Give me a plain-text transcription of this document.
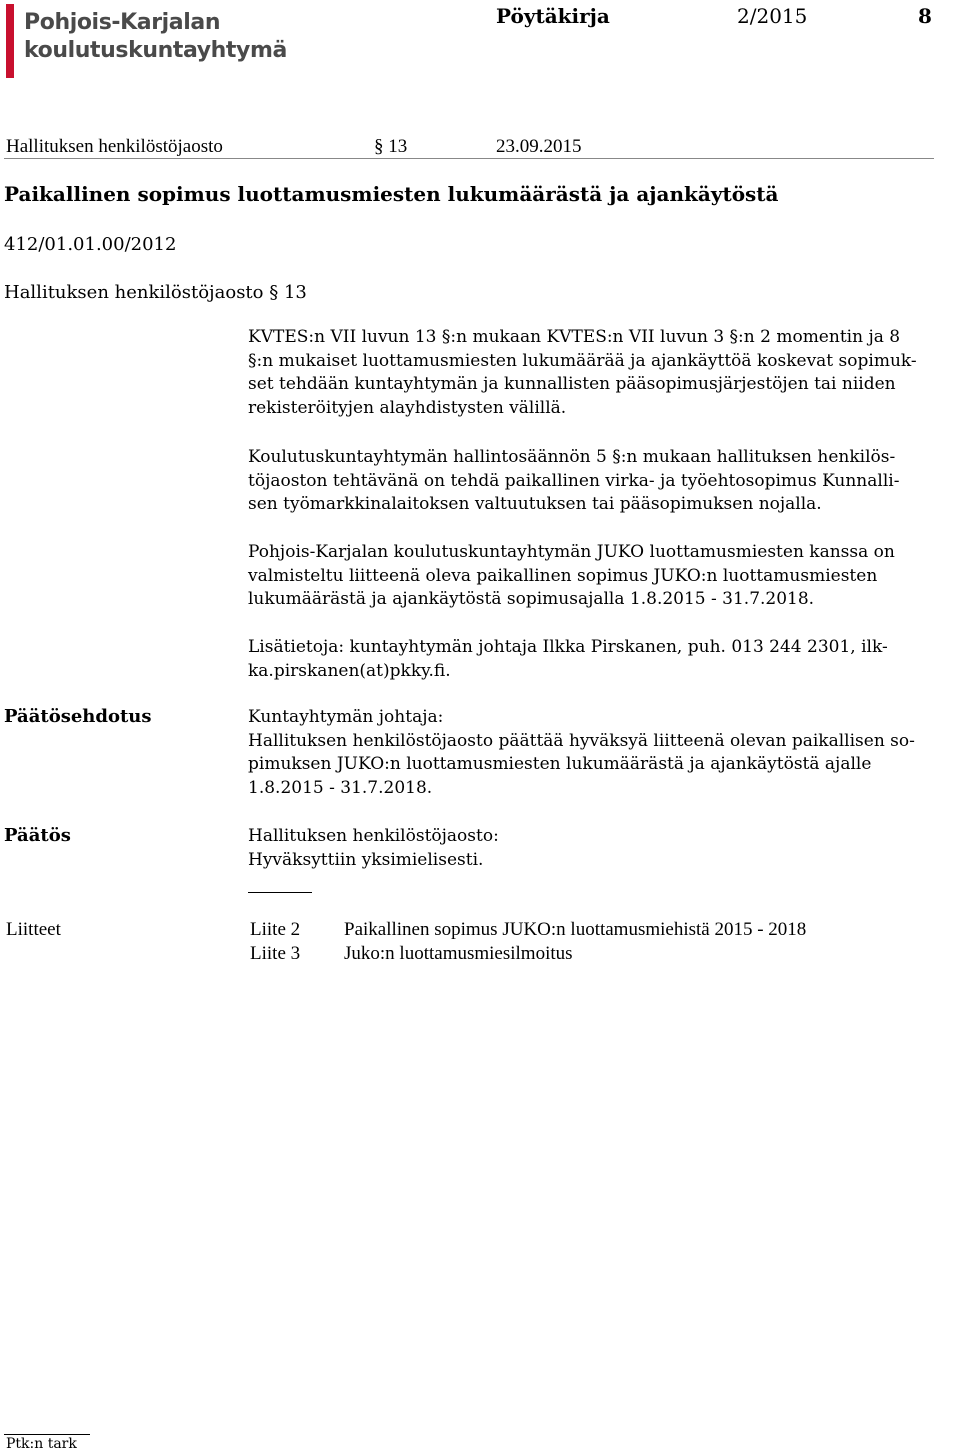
Pohjois-Karjalan
koulutuskuntayhtymä
Pöytäkirja	2/2015	8
Hallituksen henkilöstöjaosto	§ 13	23.09.2015
Paikallinen sopimus luottamusmiesten lukumäärästä ja ajankäytöstä
412/01.01.00/2012
Hallituksen henkilöstöjaosto § 13
KVTES:n VII luvun 13 §:n mukaan KVTES:n VII luvun 3 §:n 2 momentin ja 8
§:n mukaiset luottamusmiesten lukumäärää ja ajankäyttöä koskevat sopimuk-
set tehdään kuntayhtymän ja kunnallisten pääsopimusjärjestöjen tai niiden
rekisteröityjen alayhdistysten välillä.
Koulutuskuntayhtymän hallintosäännön 5 §:n mukaan hallituksen henkilös-
töjaoston tehtävänä on tehdä paikallinen virka- ja työehtosopimus Kunnalli-
sen työmarkkinalaitoksen valtuutuksen tai pääsopimuksen nojalla.
Pohjois-Karjalan koulutuskuntayhtymän JUKO luottamusmiesten kanssa on
valmisteltu liitteenä oleva paikallinen sopimus JUKO:n luottamusmiesten
lukumäärästä ja ajankäytöstä sopimusajalla 1.8.2015 - 31.7.2018.
Lisätietoja: kuntayhtymän johtaja Ilkka Pirskanen, puh. 013 244 2301, ilk-
ka.pirskanen(at)pkky.fi.
Päätösehdotus	Kuntayhtymän johtaja:
Hallituksen henkilöstöjaosto päättää hyväksyä liitteenä olevan paikallisen so-
pimuksen JUKO:n luottamusmiesten lukumäärästä ja ajankäytöstä ajalle
1.8.2015 - 31.7.2018.
Päätös	Hallituksen henkilöstöjaosto:
Hyväksyttiin yksimielisesti.
Liitteet	Liite 2 Paikallinen sopimus JUKO:n luottamusmiehistä 2015 - 2018
Liite 3 Juko:n luottamusmiesilmoitus
Ptk:n tark
